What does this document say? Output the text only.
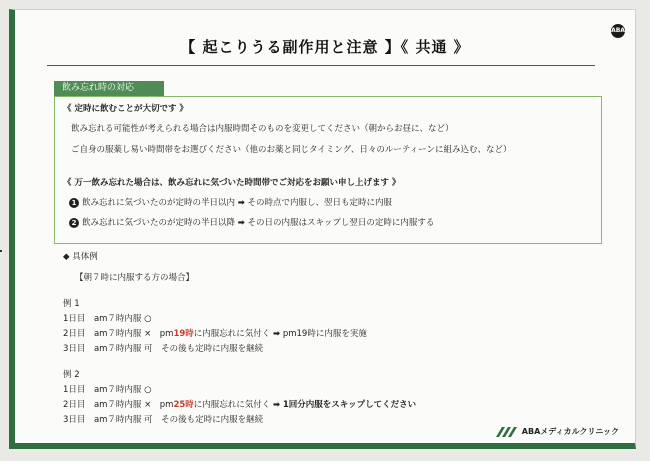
【 起こりうる副作用と注意 】《 共通 》
ABA
飲み忘れ時の対応
《 定時に飲むことが大切です 》
飲み忘れる可能性が考えられる場合は内服時間そのものを変更してください（朝からお昼に、など）
ご自身の服薬し易い時間帯をお選びください（他のお薬と同じタイミング、日々のルーティーンに組み込む、など）
《 万一飲み忘れた場合は、飲み忘れに気づいた時間帯でご対応をお願い申し上げます 》
1 飲み忘れに気づいたのが定時の半日以内 ➡ その時点で内服し、翌日も定時に内服
2 飲み忘れに気づいたのが定時の半日以降 ➡ その日の内服はスキップし翌日の定時に内服する
◆ 具体例
【朝７時に内服する方の場合】
例 1
1日目　 am７時内服 ○
2日目　 am７時内服 ×　pm19時に内服忘れに気付く ➡ pm19時に内服を実施
3日目　 am７時内服 可　その後も定時に内服を継続
例 2
1日目　 am７時内服 ○
2日目　 am７時内服 ×　pm25時に内服忘れに気付く ➡ 1回分内服をスキップしてください
3日目　 am７時内服 可　その後も定時に内服を継続
ABAメディカルクリニック
